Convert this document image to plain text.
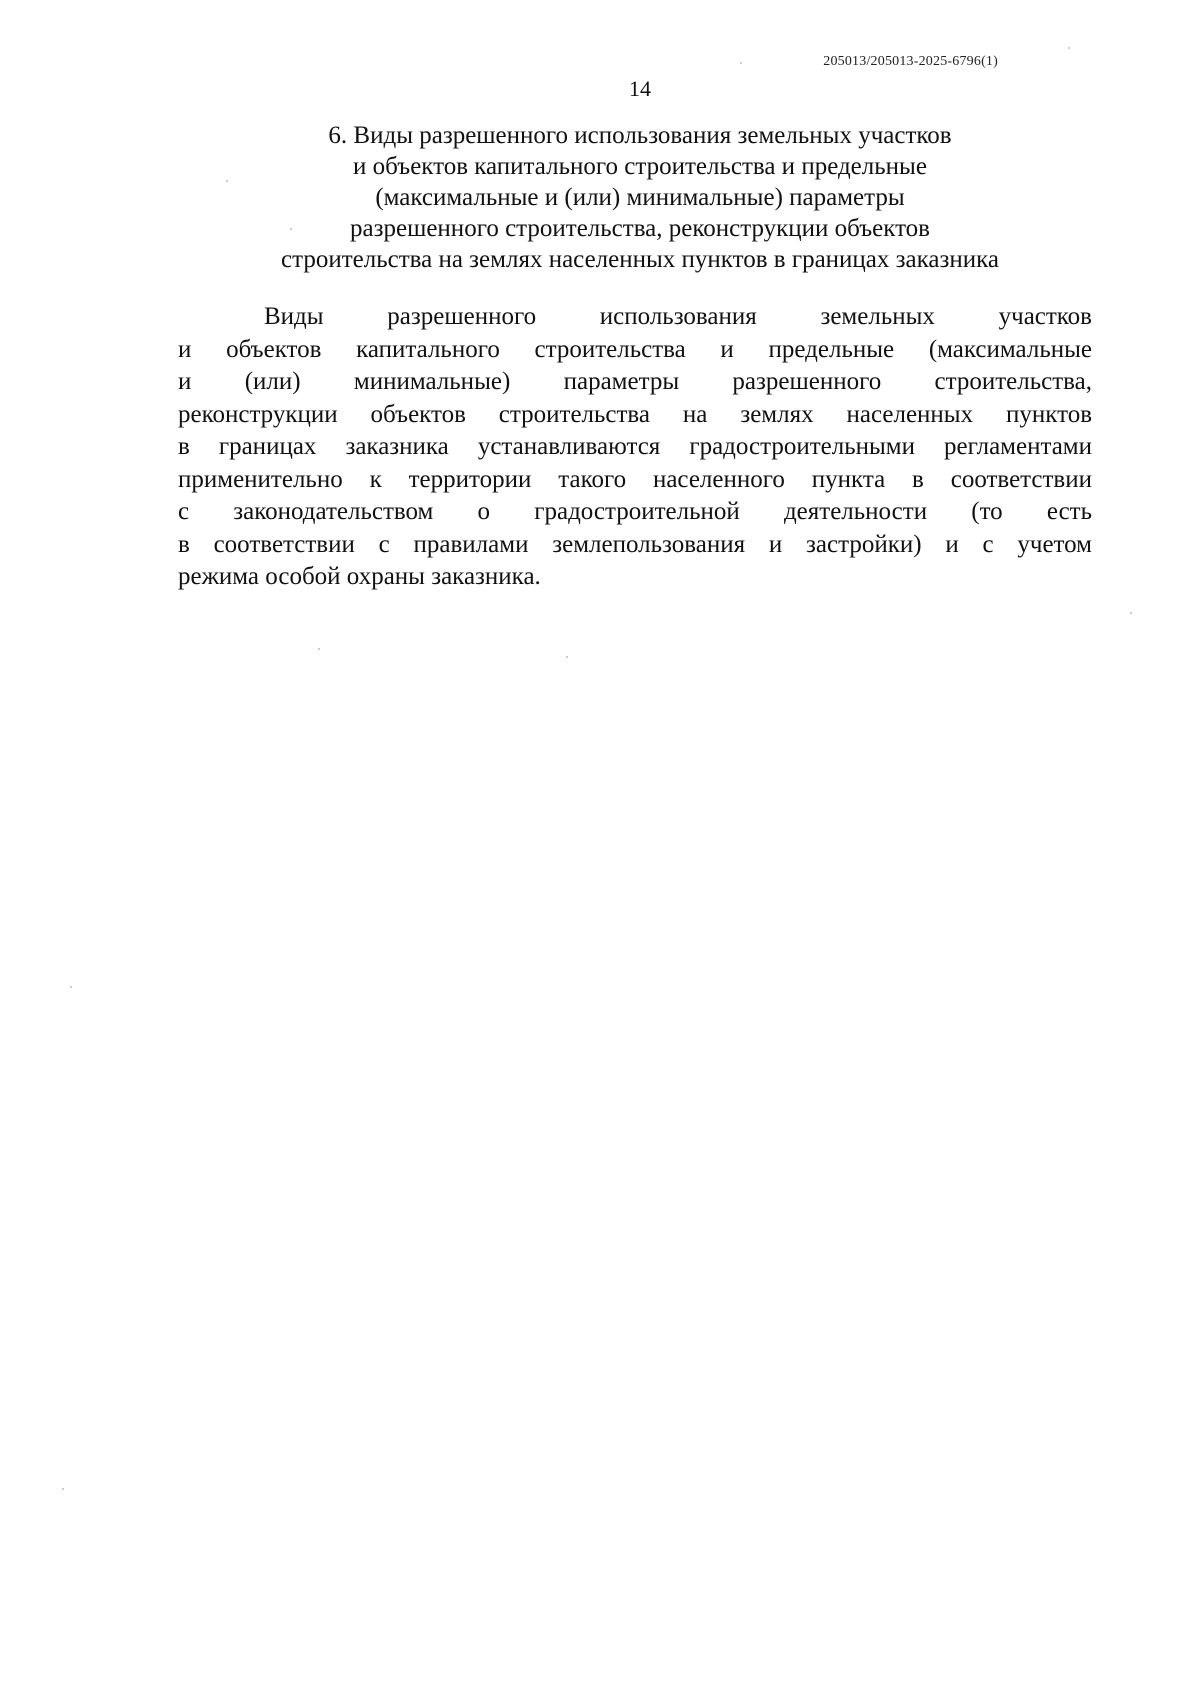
205013/205013-2025-6796(1)
14
6. Виды разрешенного использования земельных участков
и объектов капитального строительства и предельные
(максимальные и (или) минимальные) параметры
разрешенного строительства, реконструкции объектов
строительства на землях населенных пунктов в границах заказника
Виды разрешенного использования земельных участков
и объектов капитального строительства и предельные (максимальные
и (или) минимальные) параметры разрешенного строительства,
реконструкции объектов строительства на землях населенных пунктов
в границах заказника устанавливаются градостроительными регламентами
применительно к территории такого населенного пункта в соответствии
с законодательством о градостроительной деятельности (то есть
в соответствии с правилами землепользования и застройки) и с учетом
режима особой охраны заказника.
